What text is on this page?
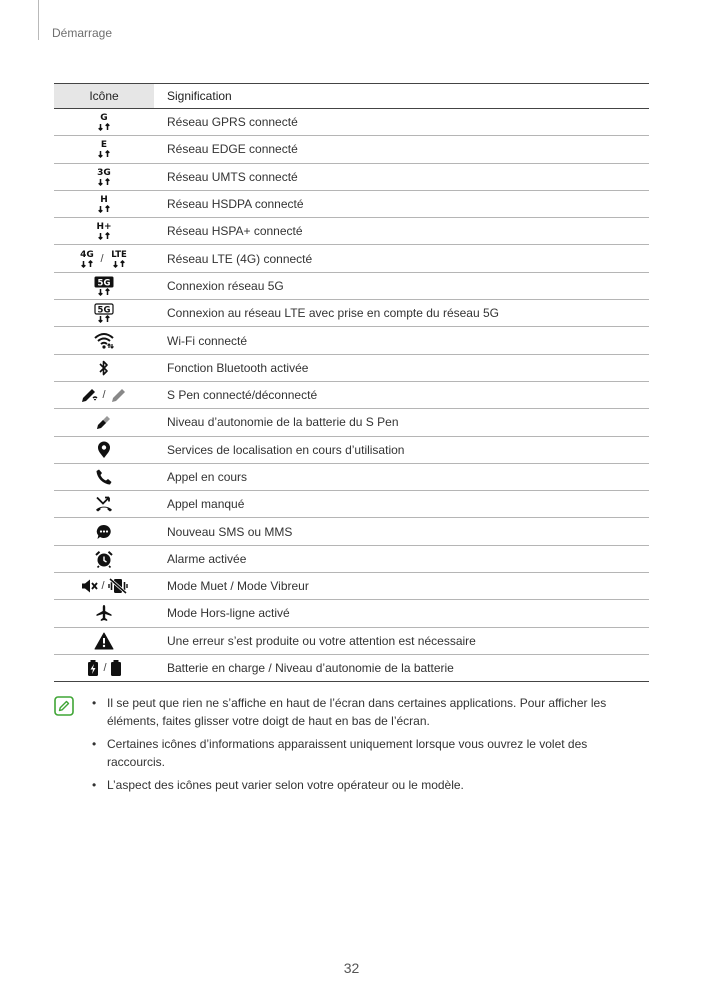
Démarrage
Icône	Signification

G	Réseau GPRS connecté

E	Réseau EDGE connecté

3G	Réseau UMTS connecté

H	Réseau HSDPA connecté

H+	Réseau HSPA+ connecté

4G / LTE	Réseau LTE (4G) connecté

5G	Connexion réseau 5G

5G	Connexion au réseau LTE avec prise en compte du réseau 5G
	Wi-Fi connecté
	Fonction Bluetooth activée
/	S Pen connecté/déconnecté
	Niveau d’autonomie de la batterie du S Pen
	Services de localisation en cours d’utilisation
	Appel en cours
	Appel manqué
	Nouveau SMS ou MMS
	Alarme activée
/	Mode Muet / Mode Vibreur
	Mode Hors-ligne activé
	Une erreur s’est produite ou votre attention est nécessaire
/	Batterie en charge / Niveau d’autonomie de la batterie
• Il se peut que rien ne s’affiche en haut de l’écran dans certaines applications. Pour afficher les éléments, faites glisser votre doigt de haut en bas de l’écran.
• Certaines icônes d’informations apparaissent uniquement lorsque vous ouvrez le volet des raccourcis.
• L’aspect des icônes peut varier selon votre opérateur ou le modèle.
32
